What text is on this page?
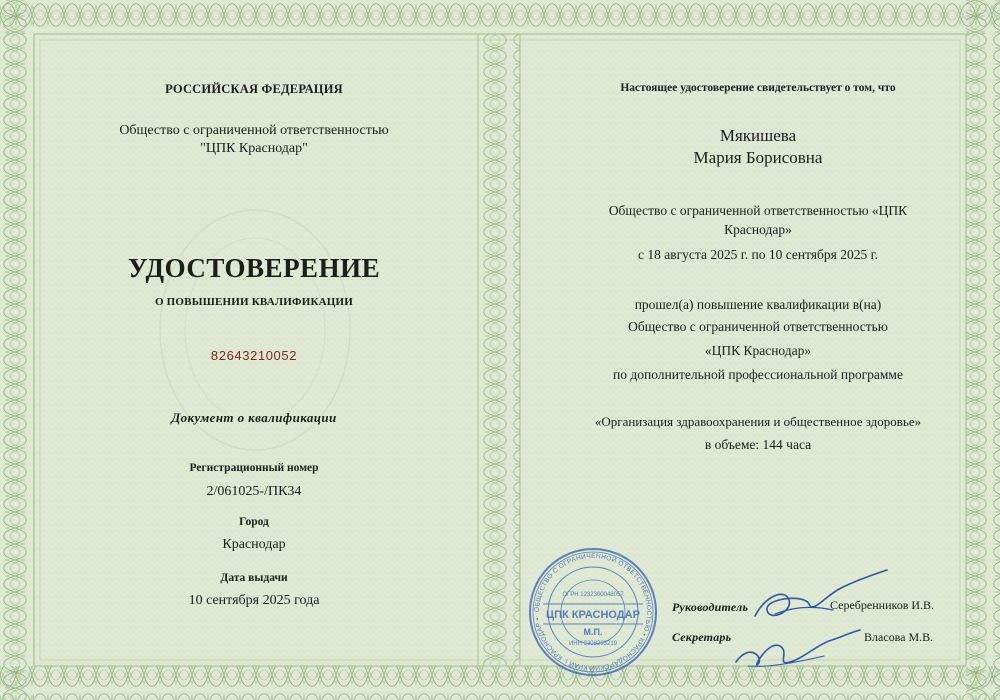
РОССИЙСКАЯ ФЕДЕРАЦИЯ
Общество с ограниченной ответственностью
"ЦПК Краснодар"
УДОСТОВЕРЕНИЕ
О ПОВЫШЕНИИ КВАЛИФИКАЦИИ
82643210052
Документ о квалификации
Регистрационный номер
2/061025-/ПК34
Город
Краснодар
Дата выдачи
10 сентября 2025 года
Настоящее удостоверение свидетельствует о том, что
Мякишева
Мария Борисовна
Общество с ограниченной ответственностью «ЦПК
Краснодар»
с 18 августа 2025 г. по 10 сентября 2025 г.
прошел(а) повышение квалификации в(на)
Общество с ограниченной ответственностью
«ЦПК Краснодар»
по дополнительной профессиональной программе
«Организация здравоохранения и общественное здоровье»
в объеме: 144 часа
ОБЩЕСТВО С ОГРАНИЧЕННОЙ ОТВЕТСТВЕННОСТЬЮ • КРАСНОДАРСКИЙ КРАЙ г. КРАСНОДАР •
ОГРН 1232300048057
ЦПК КРАСНОДАР
М.П.
ИНН 2308293219
Руководитель	Серебренников И.В.
Секретарь	Власова М.В.
